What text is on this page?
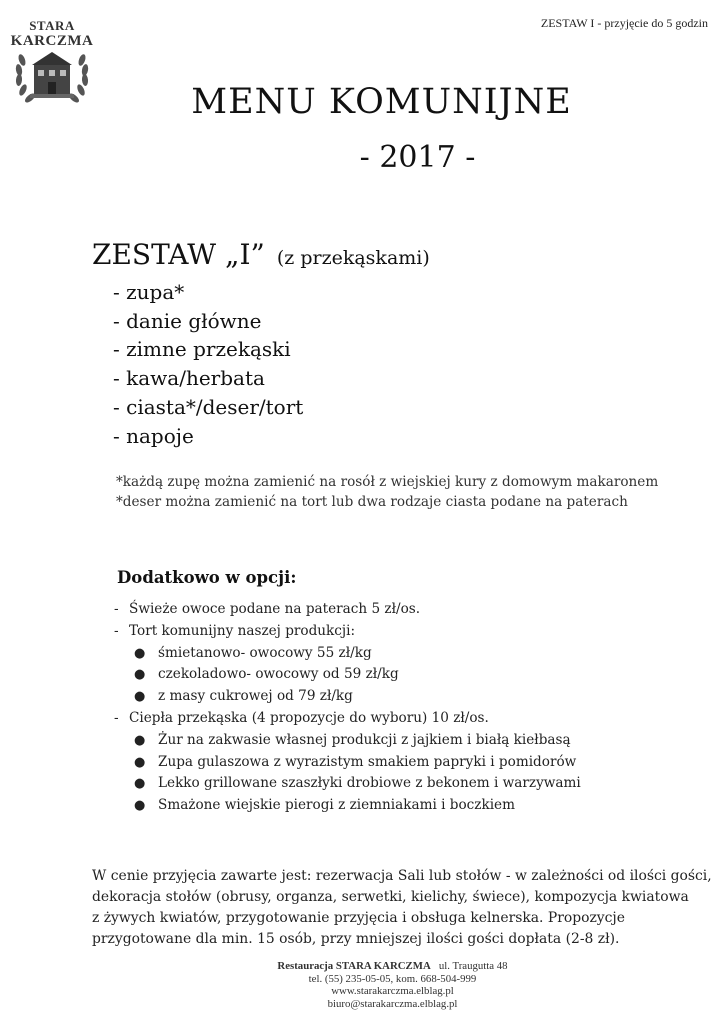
STARA
KARCZMA
ZESTAW I - przyjęcie do 5 godzin
MENU KOMUNIJNE
- 2017 -
ZESTAW „I” (z przekąskami)
- zupa*
- danie główne
- zimne przekąski
- kawa/herbata
- ciasta*/deser/tort
- napoje
*każdą zupę można zamienić na rosół z wiejskiej kury z domowym makaronem
*deser można zamienić na tort lub dwa rodzaje ciasta podane na paterach
Dodatkowo w opcji:
- Świeże owoce podane na paterach 5 zł/os.
- Tort komunijny naszej produkcji:
● śmietanowo- owocowy 55 zł/kg
● czekoladowo- owocowy od 59 zł/kg
● z masy cukrowej od 79 zł/kg
- Ciepła przekąska (4 propozycje do wyboru) 10 zł/os.
● Żur na zakwasie własnej produkcji z jajkiem i białą kiełbasą
● Zupa gulaszowa z wyrazistym smakiem papryki i pomidorów
● Lekko grillowane szaszłyki drobiowe z bekonem i warzywami
● Smażone wiejskie pierogi z ziemniakami i boczkiem
W cenie przyjęcia zawarte jest: rezerwacja Sali lub stołów - w zależności od ilości gości,
dekoracja stołów (obrusy, organza, serwetki, kielichy, świece), kompozycja kwiatowa
z żywych kwiatów, przygotowanie przyjęcia i obsługa kelnerska. Propozycje
przygotowane dla min. 15 osób, przy mniejszej ilości gości dopłata (2-8 zł).
Restauracja STARA KARCZMA ul. Traugutta 48
tel. (55) 235-05-05, kom. 668-504-999
www.starakarczma.elblag.pl
biuro@starakarczma.elblag.pl
